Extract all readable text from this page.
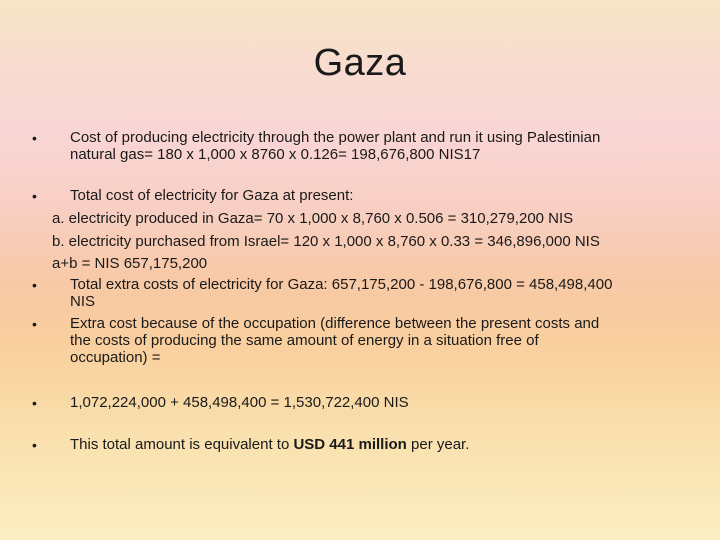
Gaza
• Cost of producing electricity through the power plant and run it using Palestinian
natural gas= 180 x 1,000 x 8760 x 0.126= 198,676,800 NIS17
• Total cost of electricity for Gaza at present:
a. electricity produced in Gaza= 70 x 1,000 x 8,760 x 0.506 = 310,279,200 NIS
b. electricity purchased from Israel= 120 x 1,000 x 8,760 x 0.33 = 346,896,000 NIS
a+b = NIS 657,175,200
• Total extra costs of electricity for Gaza: 657,175,200 - 198,676,800 = 458,498,400
NIS
• Extra cost because of the occupation (difference between the present costs and
the costs of producing the same amount of energy in a situation free of
occupation) =
• 1,072,224,000 + 458,498,400 = 1,530,722,400 NIS
• This total amount is equivalent to USD 441 million per year.
